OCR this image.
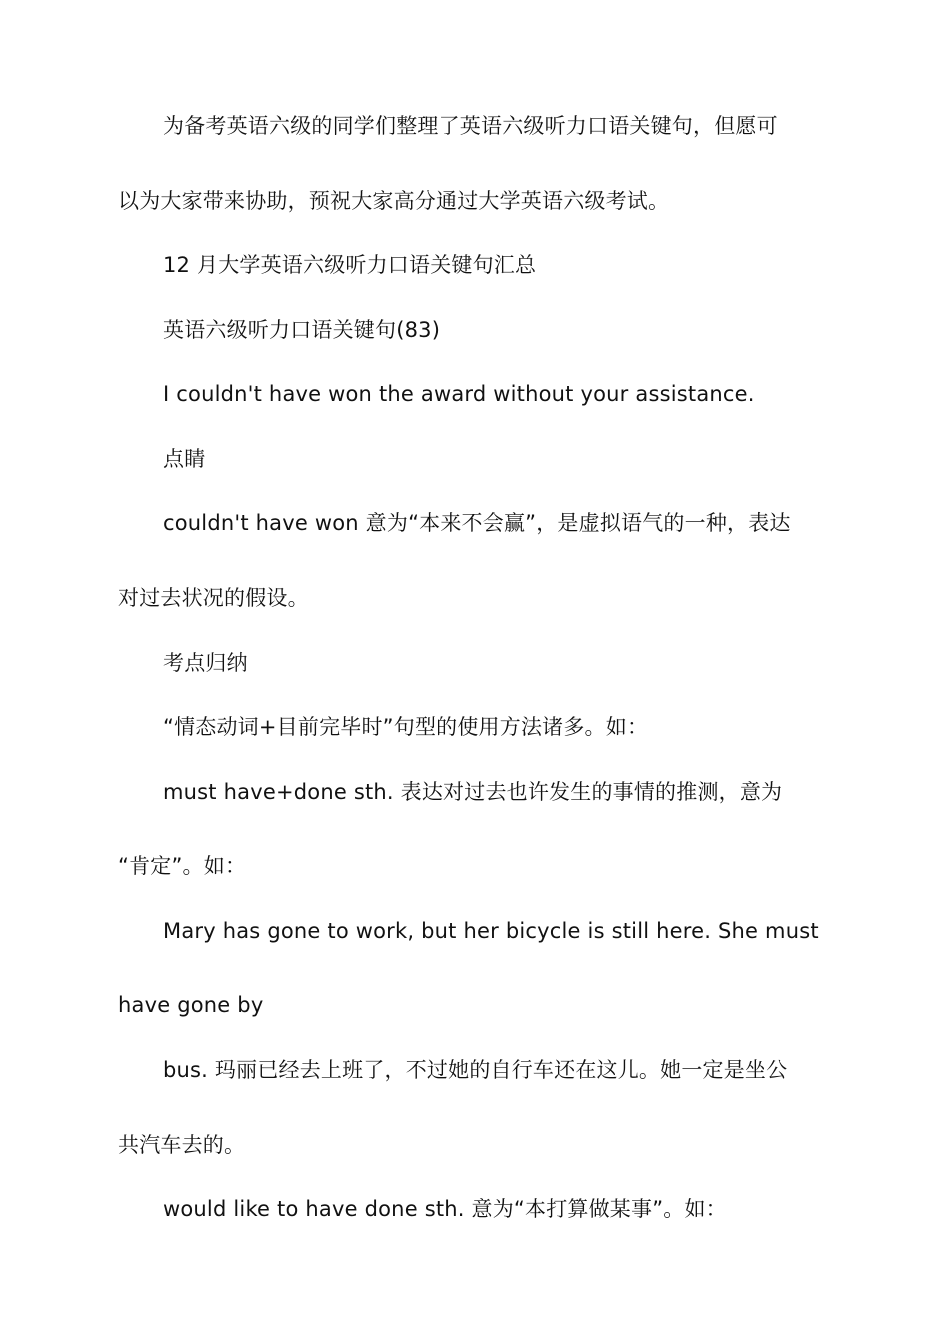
为备考英语六级的同学们整理了英语六级听力口语关键句，但愿可
以为大家带来协助，预祝大家高分通过大学英语六级考试。
12 月大学英语六级听力口语关键句汇总
英语六级听力口语关键句(83)
I couldn't have won the award without your assistance.
点睛
couldn't have won 意为“本来不会赢”，是虚拟语气的一种，表达
对过去状况的假设。
考点归纳
“情态动词+目前完毕时”句型的使用方法诸多。如：
must have+done sth. 表达对过去也许发生的事情的推测，意为
“肯定”。如：
Mary has gone to work, but her bicycle is still here. She must
have gone by
bus. 玛丽已经去上班了，不过她的自行车还在这儿。她一定是坐公
共汽车去的。
would like to have done sth. 意为“本打算做某事”。如：
